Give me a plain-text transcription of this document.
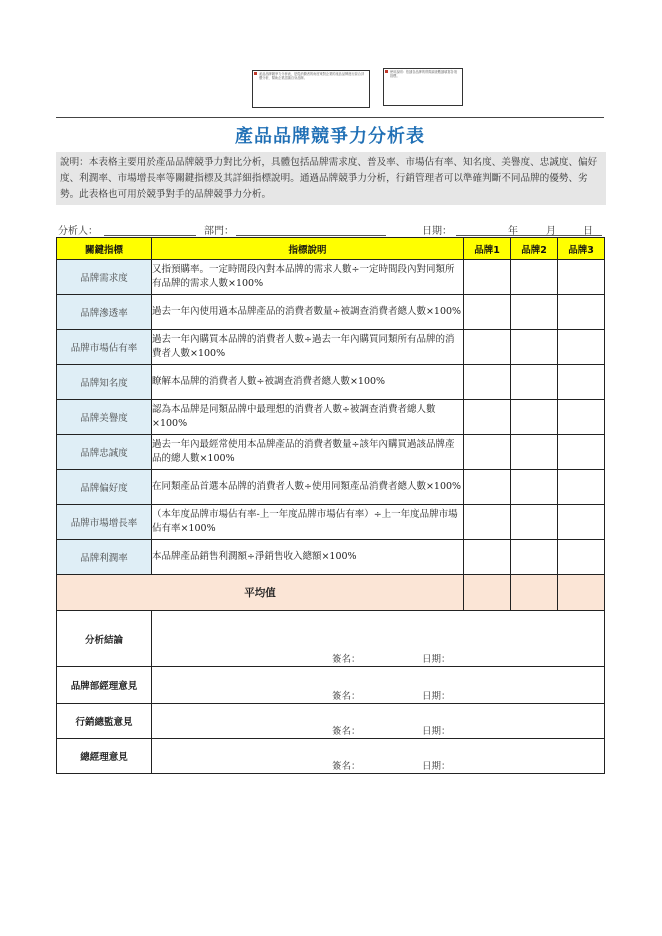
產品品牌競爭力分析表，是從消費者的角度來對企業的產品品牌進行綜合評價分析，幫助企業認識自身品牌。
使用說明：依據各品牌的實際調查數據填寫各項指標。
產品品牌競爭力分析表
說明：本表格主要用於產品品牌競爭力對比分析，具體包括品牌需求度、普及率、市場佔有率、知名度、美譽度、忠誠度、偏好度、利潤率、市場增長率等關鍵指標及其詳細指標說明。通過品牌競爭力分析，行銷管理者可以準確判斷不同品牌的優勢、劣勢。此表格也可用於競爭對手的品牌競爭力分析。
分析人：	部門：	日期：	年	月	日
關鍵指標	指標說明	品牌1	品牌2	品牌3
品牌需求度	又指預購率。一定時間段內對本品牌的需求人數÷一定時間段內對同類所有品牌的需求人數×100%			
品牌滲透率	過去一年內使用過本品牌產品的消費者數量÷被調查消費者總人數×100%			
品牌市場佔有率	過去一年內購買本品牌的消費者人數÷過去一年內購買同類所有品牌的消費者人數×100%			
品牌知名度	瞭解本品牌的消費者人數÷被調查消費者總人數×100%			
品牌美譽度	認為本品牌是同類品牌中最理想的消費者人數÷被調查消費者總人數×100%			
品牌忠誠度	過去一年內最經常使用本品牌產品的消費者數量÷該年內購買過該品牌產品的總人數×100%			
品牌偏好度	在同類產品首選本品牌的消費者人數÷使用同類產品消費者總人數×100%			
品牌市場增長率	（本年度品牌市場佔有率-上一年度品牌市場佔有率）÷上一年度品牌市場佔有率×100%			
品牌利潤率	本品牌產品銷售利潤額÷淨銷售收入總額×100%			
平均值				
分析結論	簽名： 日期：			

品牌部經理意見	簽名： 日期：			

行銷總監意見	簽名： 日期：			

總經理意見	簽名： 日期：			
